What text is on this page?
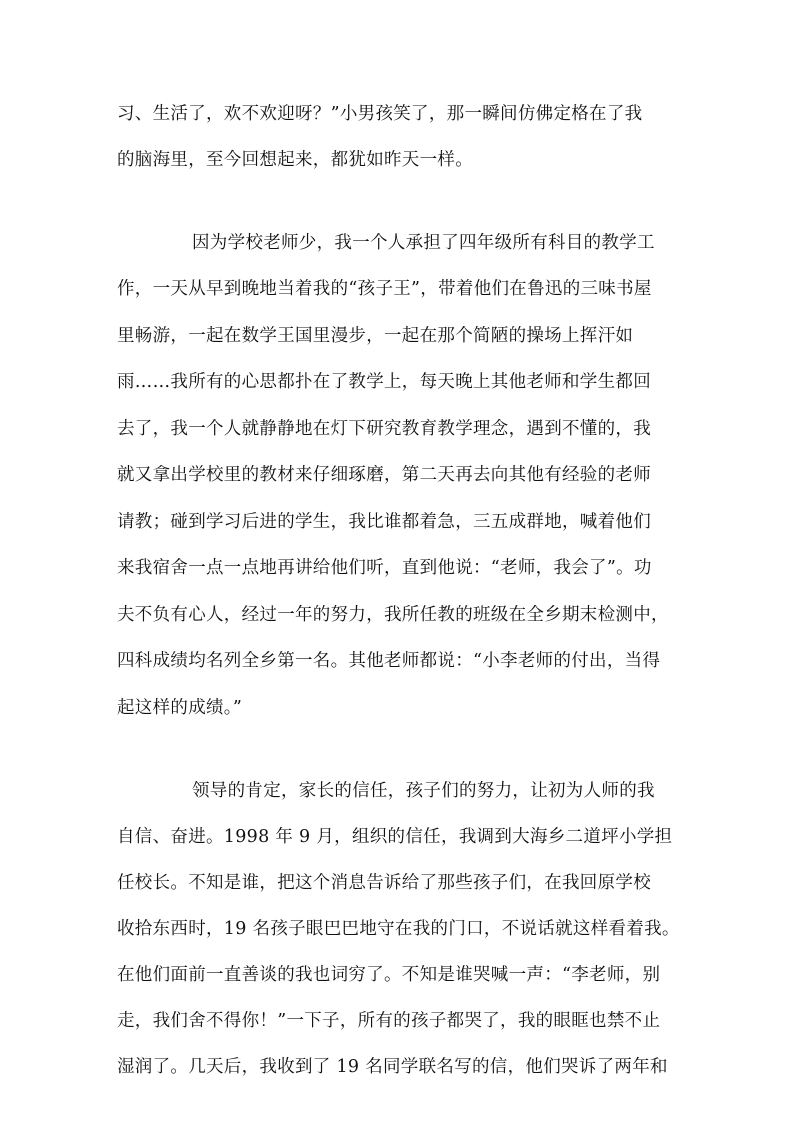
习、生活了，欢不欢迎呀？”小男孩笑了，那一瞬间仿佛定格在了我
的脑海里，至今回想起来，都犹如昨天一样。
因为学校老师少，我一个人承担了四年级所有科目的教学工
作，一天从早到晚地当着我的“孩子王”，带着他们在鲁迅的三味书屋
里畅游，一起在数学王国里漫步，一起在那个简陋的操场上挥汗如
雨……我所有的心思都扑在了教学上，每天晚上其他老师和学生都回
去了，我一个人就静静地在灯下研究教育教学理念，遇到不懂的，我
就又拿出学校里的教材来仔细琢磨，第二天再去向其他有经验的老师
请教；碰到学习后进的学生，我比谁都着急，三五成群地，喊着他们
来我宿舍一点一点地再讲给他们听，直到他说：“老师，我会了”。功
夫不负有心人，经过一年的努力，我所任教的班级在全乡期末检测中，
四科成绩均名列全乡第一名。其他老师都说：“小李老师的付出，当得
起这样的成绩。”
领导的肯定，家长的信任，孩子们的努力，让初为人师的我
自信、奋进。1998 年 9 月，组织的信任，我调到大海乡二道坪小学担
任校长。不知是谁，把这个消息告诉给了那些孩子们，在我回原学校
收拾东西时，19 名孩子眼巴巴地守在我的门口，不说话就这样看着我。
在他们面前一直善谈的我也词穷了。不知是谁哭喊一声：“李老师，别
走，我们舍不得你！”一下子，所有的孩子都哭了，我的眼眶也禁不止
湿润了。几天后，我收到了 19 名同学联名写的信，他们哭诉了两年和
